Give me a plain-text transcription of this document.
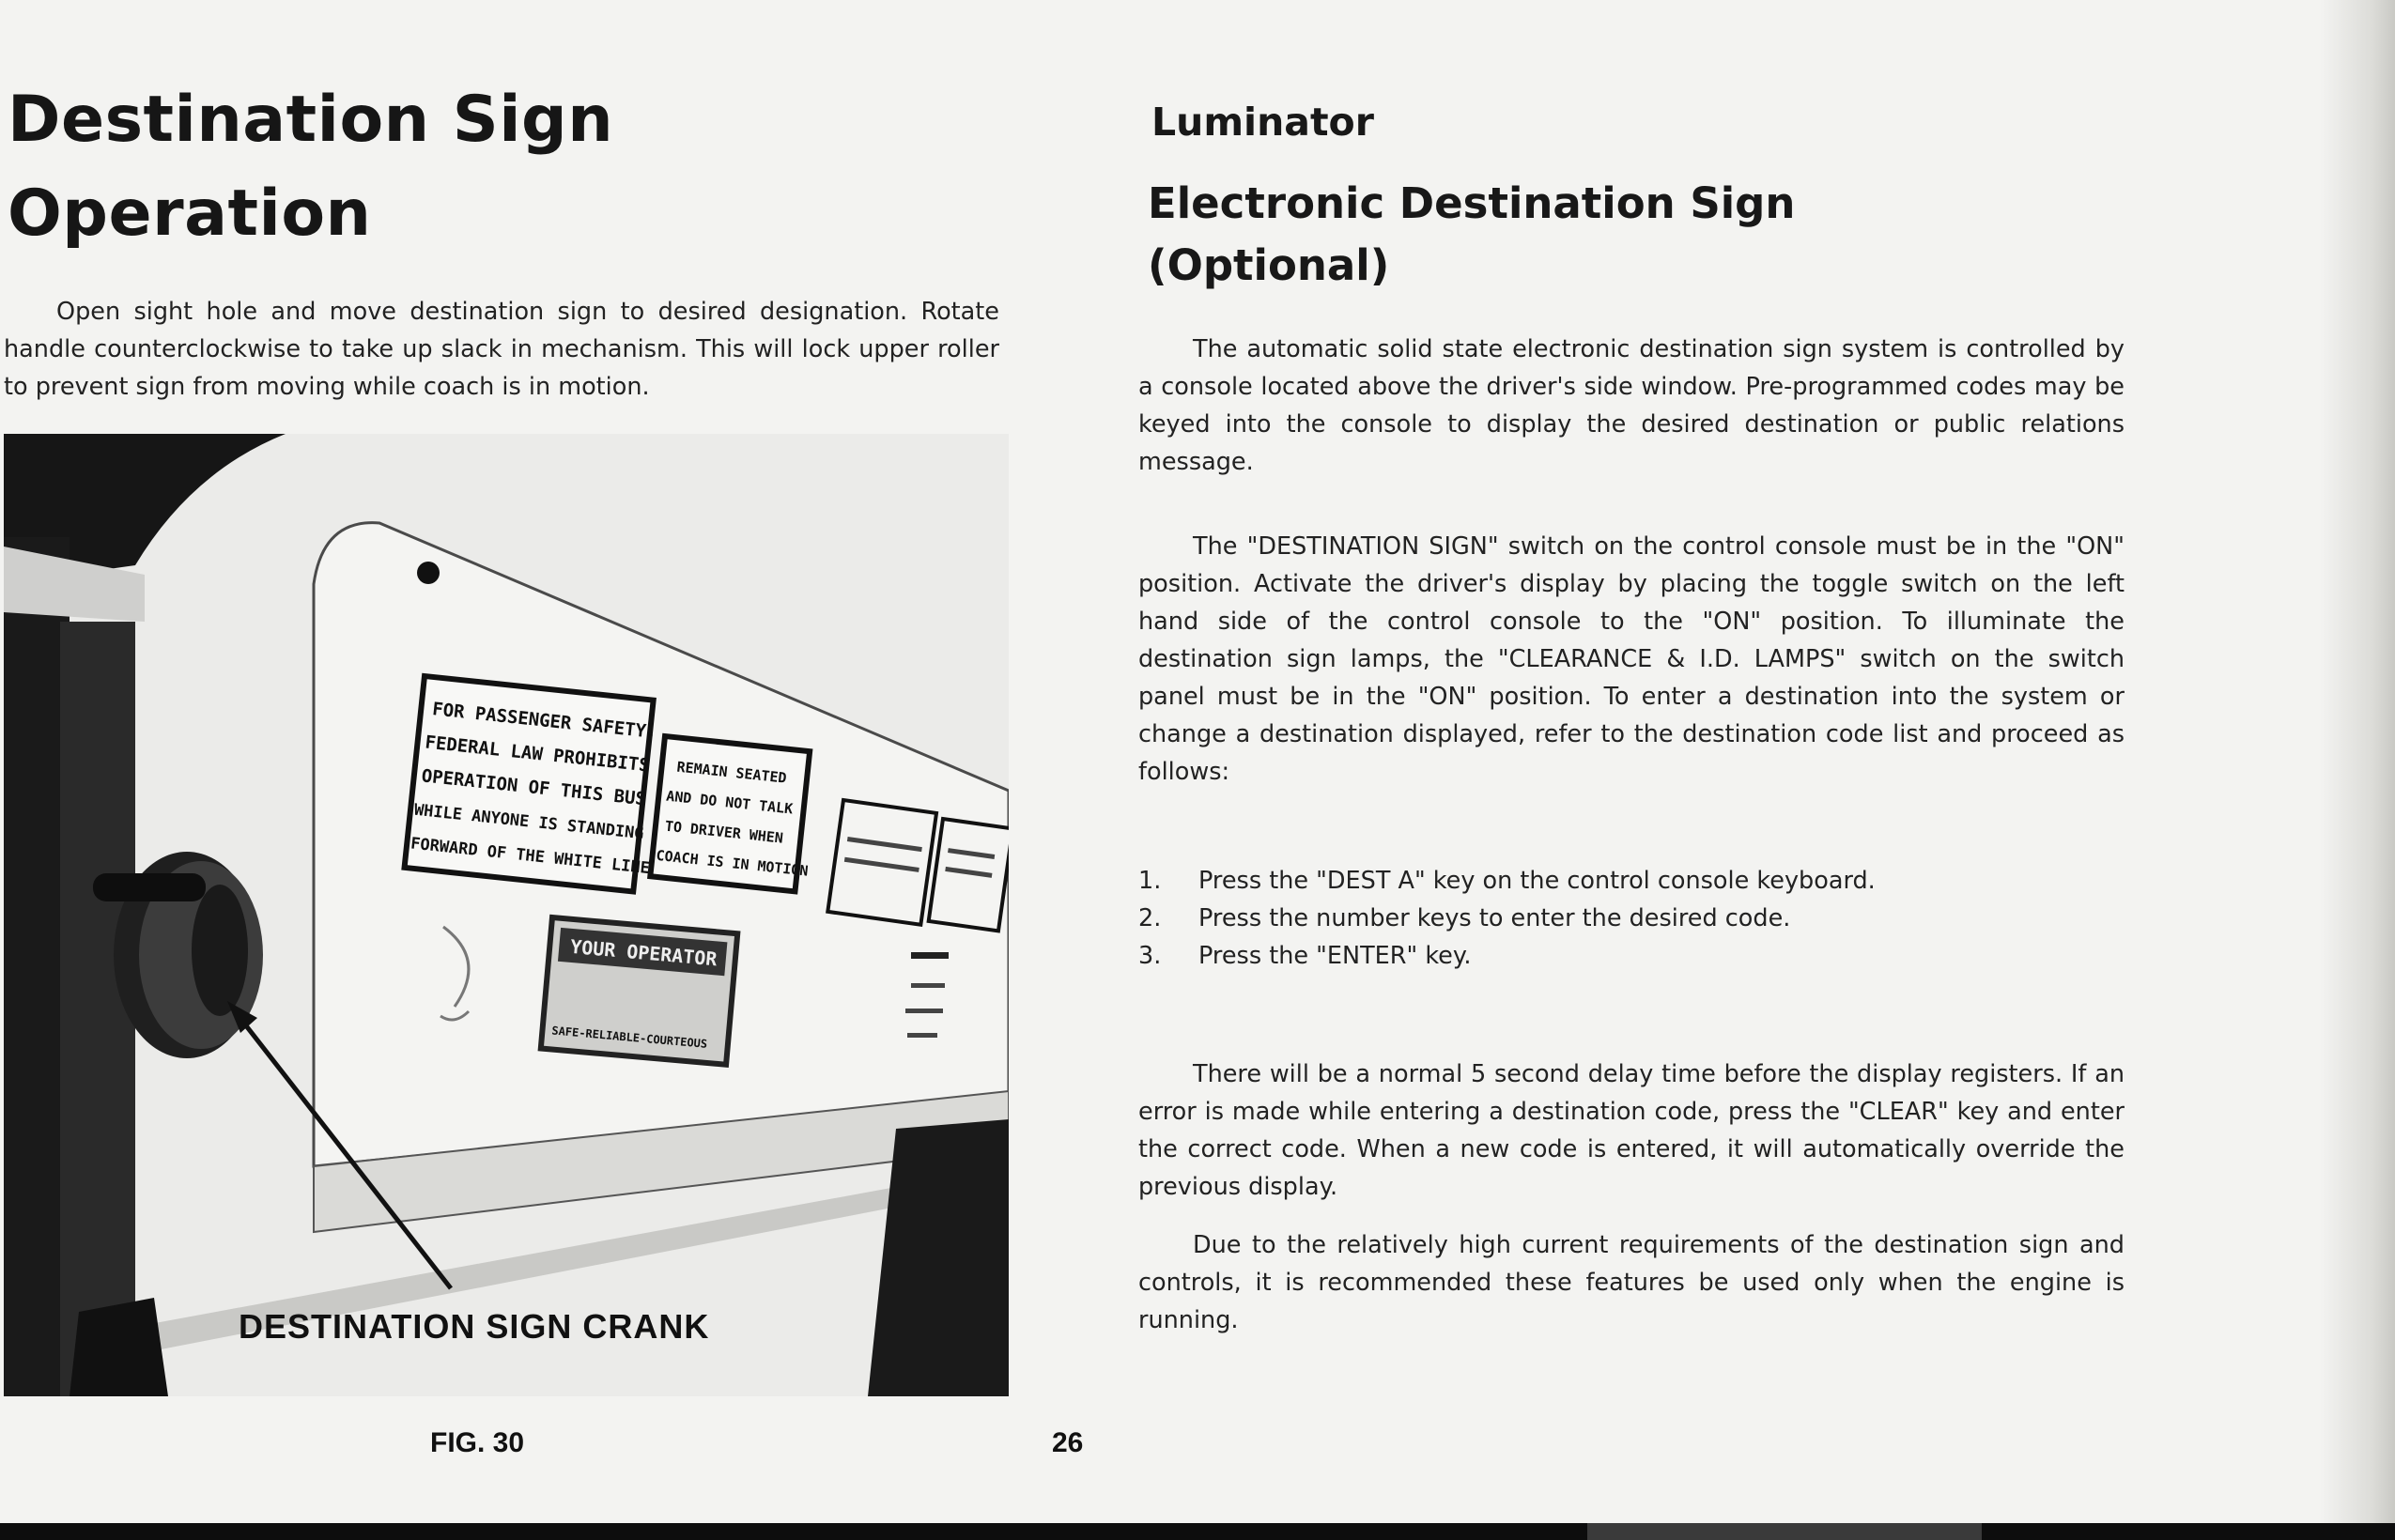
Destination Sign
Operation

Open sight hole and move destination sign to desired designation. Rotate handle counterclockwise to take up slack in mechanism. This will lock upper roller to prevent sign from moving while coach is in motion.

FOR PASSENGER SAFETY,
FEDERAL LAW PROHIBITS
OPERATION OF THIS BUS
WHILE ANYONE IS STANDING
FORWARD OF THE WHITE LINE
REMAIN SEATED
AND DO NOT TALK
TO DRIVER WHEN
COACH IS IN MOTION
YOUR OPERATOR
SAFE-RELIABLE-COURTEOUS

DESTINATION SIGN CRANK

FIG. 30	26

Luminator

Electronic Destination Sign
(Optional)

The automatic solid state electronic destination sign system is controlled by a console located above the driver's side window. Pre-programmed codes may be keyed into the console to display the desired destination or public relations message.

The "DESTINATION SIGN" switch on the control console must be in the "ON" position. Activate the driver's display by placing the toggle switch on the left hand side of the control console to the "ON" position. To illuminate the destination sign lamps, the "CLEARANCE & I.D. LAMPS" switch on the switch panel must be in the "ON" position. To enter a destination into the system or change a destination displayed, refer to the destination code list and proceed as follows:

1.	Press the "DEST A" key on the control console keyboard.
2.	Press the number keys to enter the desired code.
3.	Press the "ENTER" key.

There will be a normal 5 second delay time before the display registers. If an error is made while entering a destination code, press the "CLEAR" key and enter the correct code. When a new code is entered, it will automatically override the previous display.

Due to the relatively high current requirements of the destination sign and controls, it is recommended these features be used only when the engine is running.
